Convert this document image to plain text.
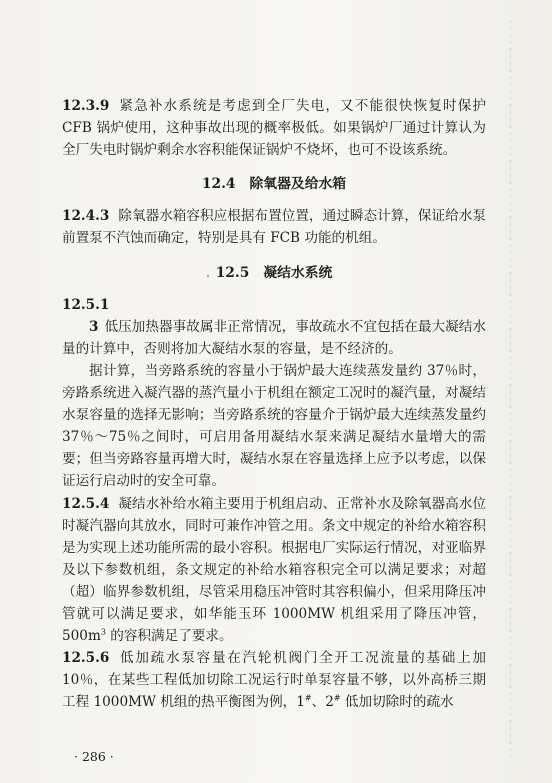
12.3.9 紧急补水系统是考虑到全厂失电，又不能很快恢复时保护 CFB 锅炉使用，这种事故出现的概率极低。如果锅炉厂通过计算认为全厂失电时锅炉剩余水容积能保证锅炉不烧坏，也可不设该系统。

12.4 除氧器及给水箱

12.4.3 除氧器水箱容积应根据布置位置，通过瞬态计算，保证给水泵前置泵不汽蚀而确定，特别是具有 FCB 功能的机组。

12.5 凝结水系统

12.5.1

3 低压加热器事故属非正常情况，事故疏水不宜包括在最大凝结水量的计算中，否则将加大凝结水泵的容量，是不经济的。

据计算，当旁路系统的容量小于锅炉最大连续蒸发量约 37％时，旁路系统进入凝汽器的蒸汽量小于机组在额定工况时的凝汽量，对凝结水泵容量的选择无影响；当旁路系统的容量介于锅炉最大连续蒸发量约 37％～75％之间时，可启用备用凝结水泵来满足凝结水量增大的需要；但当旁路容量再增大时，凝结水泵在容量选择上应予以考虑，以保证运行启动时的安全可靠。

12.5.4 凝结水补给水箱主要用于机组启动、正常补水及除氧器高水位时凝汽器向其放水，同时可兼作冲管之用。条文中规定的补给水箱容积是为实现上述功能所需的最小容积。根据电厂实际运行情况，对亚临界及以下参数机组，条文规定的补给水箱容积完全可以满足要求；对超（超）临界参数机组，尽管采用稳压冲管时其容积偏小，但采用降压冲管就可以满足要求，如华能玉环 1000MW 机组采用了降压冲管，$500m^3$ 的容积满足了要求。

12.5.6 低加疏水泵容量在汽轮机阀门全开工况流量的基础上加 10％，在某些工程低加切除工况运行时单泵容量不够，以外高桥三期工程 1000MW 机组的热平衡图为例，1#、2# 低加切除时的疏水

· 286 ·
